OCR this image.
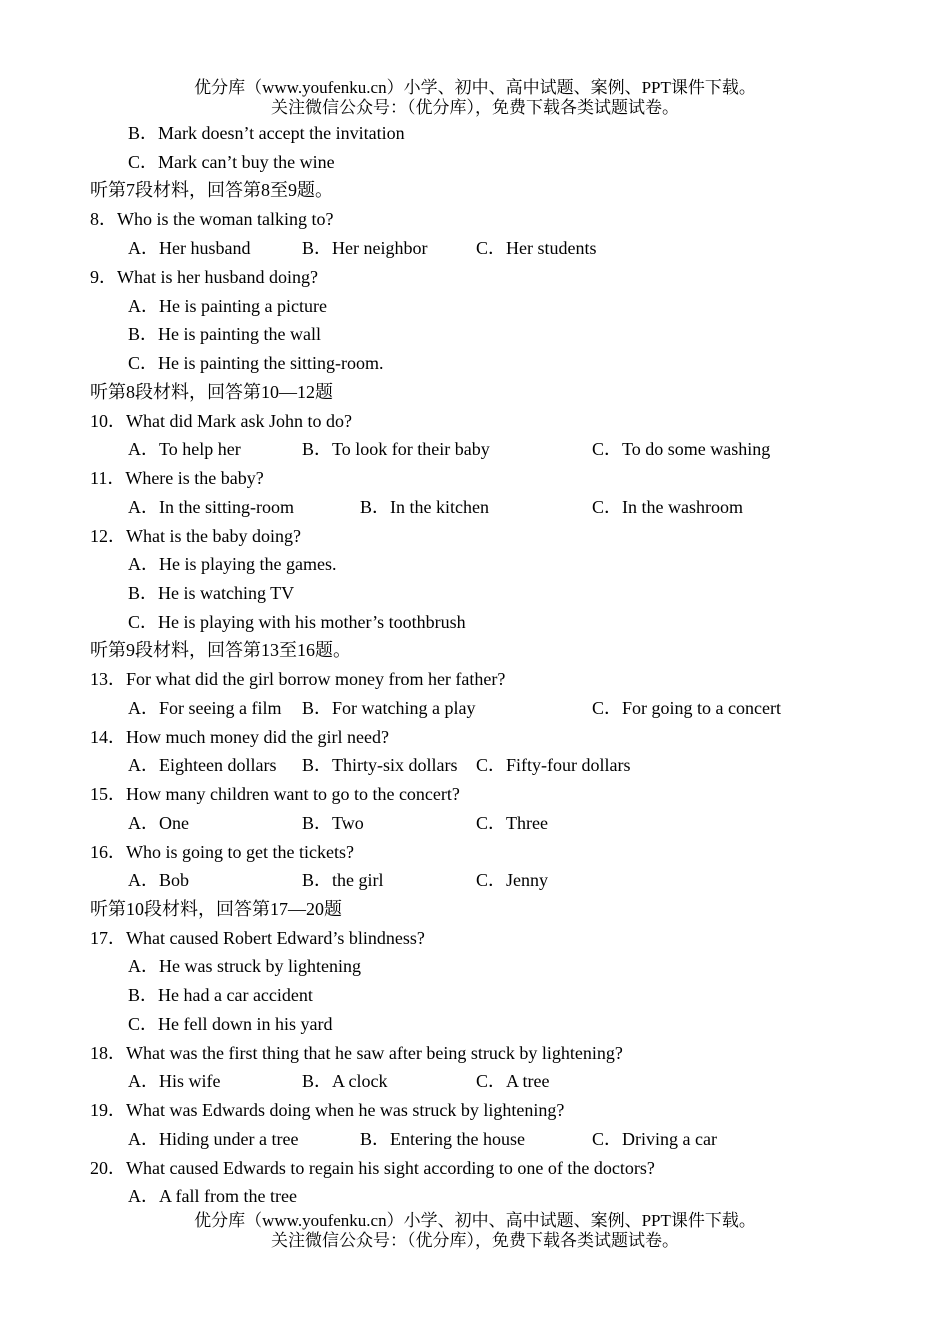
优分库（www.youfenku.cn）小学、初中、高中试题、案例、PPT课件下载。
关注微信公众号：（优分库），免费下载各类试题试卷。
B．Mark doesn’t accept the invitation
C．Mark can’t buy the wine
听第7段材料，回答第8至9题。
8．Who is the woman talking to?
A．Her husband	B．Her neighbor	C．Her students
9．What is her husband doing?
A．He is painting a picture
B．He is painting the wall
C．He is painting the sitting-room.
听第8段材料，回答第10—12题
10．What did Mark ask John to do?
A．To help her	B．To look for their baby	C．To do some washing
11．Where is the baby?
A．In the sitting-room	B．In the kitchen	C．In the washroom
12．What is the baby doing?
A．He is playing the games.
B．He is watching TV
C．He is playing with his mother’s toothbrush
听第9段材料，回答第13至16题。
13．For what did the girl borrow money from her father?
A．For seeing a film B．For watching a play	C．For going to a concert
14．How much money did the girl need?
A．Eighteen dollars B．Thirty-six dollars C．Fifty-four dollars
15．How many children want to go to the concert?
A．One	B．Two	C．Three
16．Who is going to get the tickets?
A．Bob	B．the girl	C．Jenny
听第10段材料，回答第17—20题
17．What caused Robert Edward’s blindness?
A．He was struck by lightening
B．He had a car accident
C．He fell down in his yard
18．What was the first thing that he saw after being struck by lightening?
A．His wife	B．A clock	C．A tree
19．What was Edwards doing when he was struck by lightening?
A．Hiding under a tree	B．Entering the house	C．Driving a car
20．What caused Edwards to regain his sight according to one of the doctors?
A．A fall from the tree
优分库（www.youfenku.cn）小学、初中、高中试题、案例、PPT课件下载。
关注微信公众号：（优分库），免费下载各类试题试卷。
